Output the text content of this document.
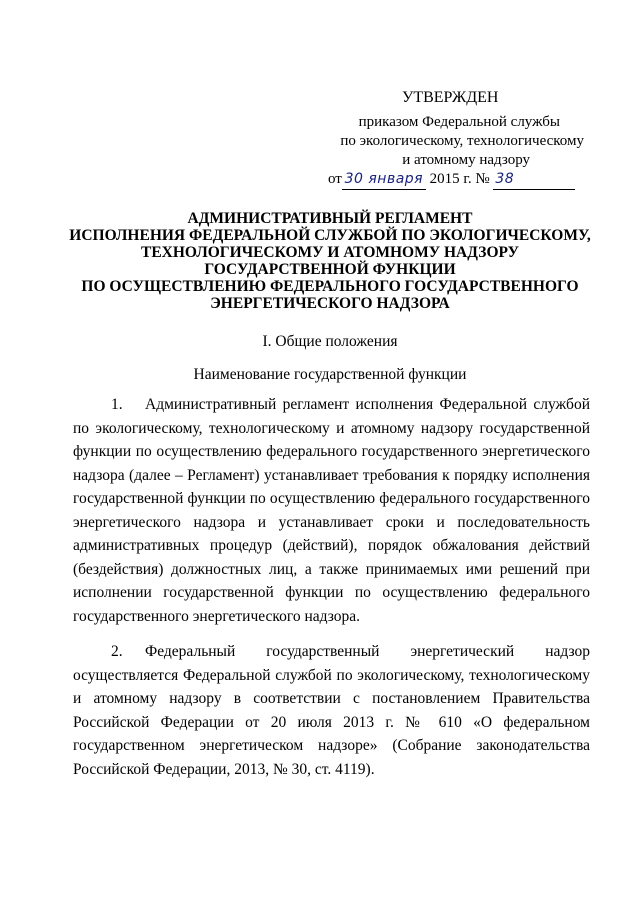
УТВЕРЖДЕН
приказом Федеральной службы
по экологическому, технологическому
и атомному надзору
от 30 января 2015 г. № 38
АДМИНИСТРАТИВНЫЙ РЕГЛАМЕНТ
ИСПОЛНЕНИЯ ФЕДЕРАЛЬНОЙ СЛУЖБОЙ ПО ЭКОЛОГИЧЕСКОМУ,
ТЕХНОЛОГИЧЕСКОМУ И АТОМНОМУ НАДЗОРУ
ГОСУДАРСТВЕННОЙ ФУНКЦИИ
ПО ОСУЩЕСТВЛЕНИЮ ФЕДЕРАЛЬНОГО ГОСУДАРСТВЕННОГО
ЭНЕРГЕТИЧЕСКОГО НАДЗОРА
I. Общие положения
Наименование государственной функции

1. Административный регламент исполнения Федеральной службой по экологическому, технологическому и атомному надзору государственной функции по осуществлению федерального государственного энергетического надзора (далее – Регламент) устанавливает требования к порядку исполнения государственной функции по осуществлению федерального государственного энергетического надзора и устанавливает сроки и последовательность административных процедур (действий), порядок обжалования действий (бездействия) должностных лиц, а также принимаемых ими решений при исполнении государственной функции по осуществлению федерального государственного энергетического надзора.

2. Федеральный государственный энергетический надзор осуществляется Федеральной службой по экологическому, технологическому и атомному надзору в соответствии с постановлением Правительства Российской Федерации от 20 июля 2013 г. № 610 «О федеральном государственном энергетическом надзоре» (Собрание законодательства Российской Федерации, 2013, № 30, ст. 4119).
